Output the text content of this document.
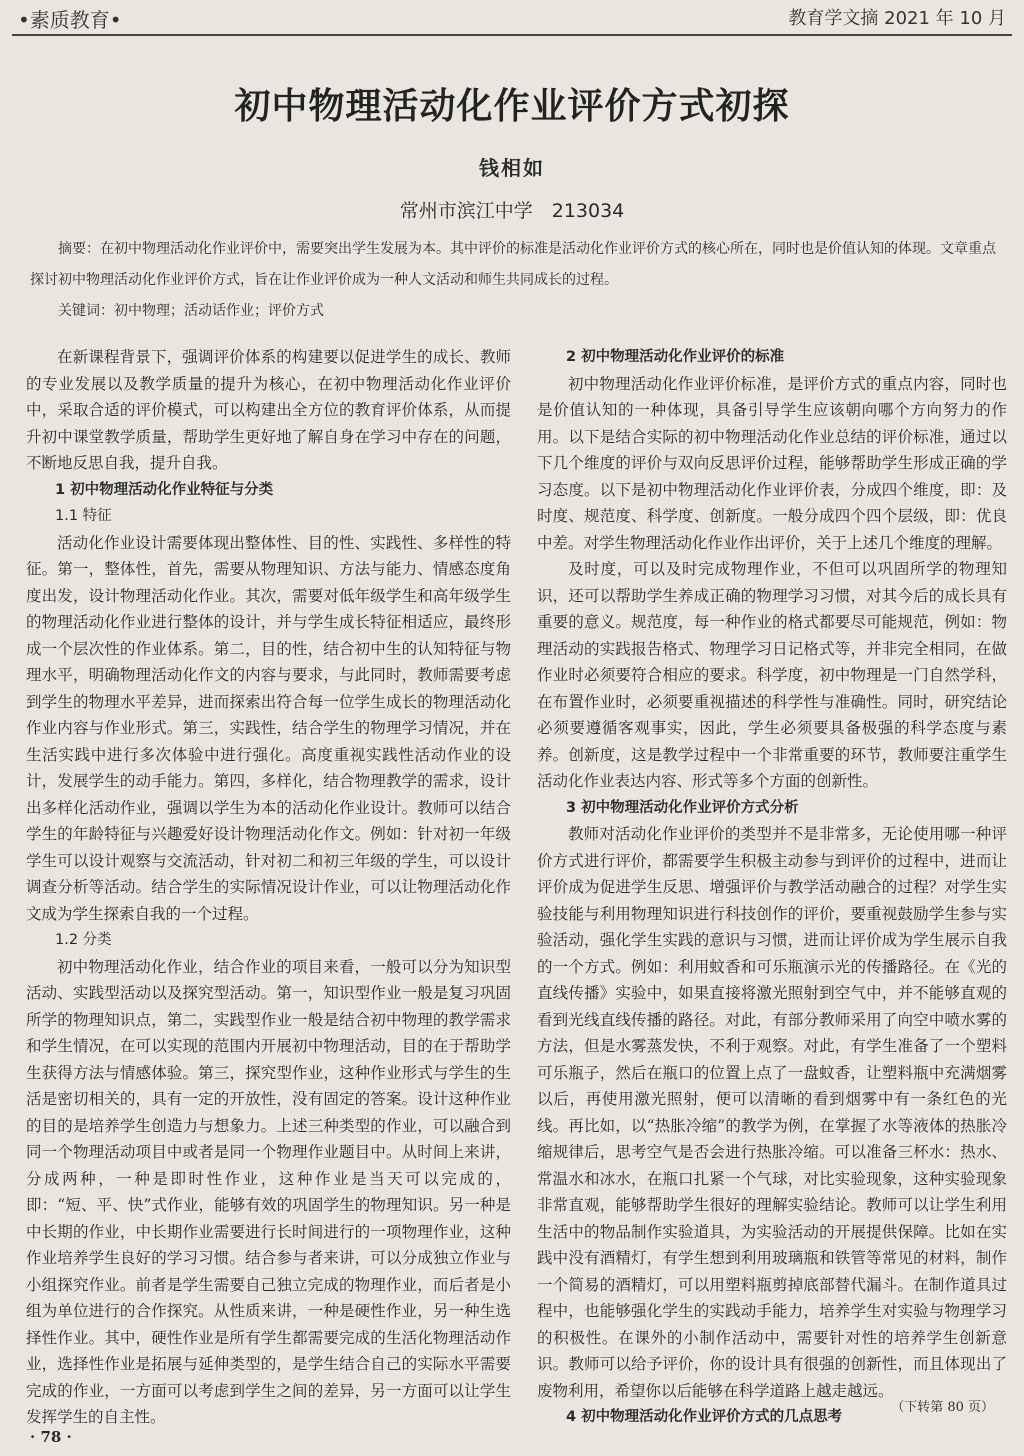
•素质教育•	教育学文摘 2021 年 10 月
初中物理活动化作业评价方式初探
钱相如
常州市滨江中学　213034

摘要：在初中物理活动化作业评价中，需要突出学生发展为本。其中评价的标准是活动化作业评价方式的核心所在，同时也是价值认知的体现。文章重点探讨初中物理活动化作业评价方式，旨在让作业评价成为一种人文活动和师生共同成长的过程。

关键词：初中物理；活动话作业；评价方式

在新课程背景下，强调评价体系的构建要以促进学生的成长、教师的专业发展以及教学质量的提升为核心，在初中物理活动化作业评价中，采取合适的评价模式，可以构建出全方位的教育评价体系，从而提升初中课堂教学质量，帮助学生更好地了解自身在学习中存在的问题，不断地反思自我，提升自我。

1 初中物理活动化作业特征与分类
1.1 特征

活动化作业设计需要体现出整体性、目的性、实践性、多样性的特征。第一，整体性，首先，需要从物理知识、方法与能力、情感态度角度出发，设计物理活动化作业。其次，需要对低年级学生和高年级学生的物理活动化作业进行整体的设计，并与学生成长特征相适应，最终形成一个层次性的作业体系。第二，目的性，结合初中生的认知特征与物理水平，明确物理活动化作文的内容与要求，与此同时，教师需要考虑到学生的物理水平差异，进而探索出符合每一位学生成长的物理活动化作业内容与作业形式。第三，实践性，结合学生的物理学习情况，并在生活实践中进行多次体验中进行强化。高度重视实践性活动作业的设计，发展学生的动手能力。第四，多样化，结合物理教学的需求，设计出多样化活动作业，强调以学生为本的活动化作业设计。教师可以结合学生的年龄特征与兴趣爱好设计物理活动化作文。例如：针对初一年级学生可以设计观察与交流活动，针对初二和初三年级的学生，可以设计调查分析等活动。结合学生的实际情况设计作业，可以让物理活动化作文成为学生探索自我的一个过程。

1.2 分类

初中物理活动化作业，结合作业的项目来看，一般可以分为知识型活动、实践型活动以及探究型活动。第一，知识型作业一般是复习巩固所学的物理知识点，第二，实践型作业一般是结合初中物理的教学需求和学生情况，在可以实现的范围内开展初中物理活动，目的在于帮助学生获得方法与情感体验。第三，探究型作业，这种作业形式与学生的生活是密切相关的，具有一定的开放性，没有固定的答案。设计这种作业的目的是培养学生创造力与想象力。上述三种类型的作业，可以融合到同一个物理活动项目中或者是同一个物理作业题目中。从时间上来讲，分成两种，一种是即时性作业，这种作业是当天可以完成的，即：“短、平、快”式作业，能够有效的巩固学生的物理知识。另一种是中长期的作业，中长期作业需要进行长时间进行的一项物理作业，这种作业培养学生良好的学习习惯。结合参与者来讲，可以分成独立作业与小组探究作业。前者是学生需要自己独立完成的物理作业，而后者是小组为单位进行的合作探究。从性质来讲，一种是硬性作业，另一种生选择性作业。其中，硬性作业是所有学生都需要完成的生活化物理活动作业，选择性作业是拓展与延伸类型的，是学生结合自己的实际水平需要完成的作业，一方面可以考虑到学生之间的差异，另一方面可以让学生发挥学生的自主性。

2 初中物理活动化作业评价的标准

初中物理活动化作业评价标准，是评价方式的重点内容，同时也是价值认知的一种体现，具备引导学生应该朝向哪个方向努力的作用。以下是结合实际的初中物理活动化作业总结的评价标准，通过以下几个维度的评价与双向反思评价过程，能够帮助学生形成正确的学习态度。以下是初中物理活动化作业评价表，分成四个维度，即：及时度、规范度、科学度、创新度。一般分成四个四个层级，即：优良中差。对学生物理活动化作业作出评价，关于上述几个维度的理解。

及时度，可以及时完成物理作业，不但可以巩固所学的物理知识，还可以帮助学生养成正确的物理学习习惯，对其今后的成长具有重要的意义。规范度，每一种作业的格式都要尽可能规范，例如：物理活动的实践报告格式、物理学习日记格式等，并非完全相同，在做作业时必须要符合相应的要求。科学度，初中物理是一门自然学科，在布置作业时，必须要重视描述的科学性与准确性。同时，研究结论必须要遵循客观事实，因此，学生必须要具备极强的科学态度与素养。创新度，这是教学过程中一个非常重要的环节，教师要注重学生活动化作业表达内容、形式等多个方面的创新性。

3 初中物理活动化作业评价方式分析

教师对活动化作业评价的类型并不是非常多，无论使用哪一种评价方式进行评价，都需要学生积极主动参与到评价的过程中，进而让评价成为促进学生反思、增强评价与教学活动融合的过程？对学生实验技能与利用物理知识进行科技创作的评价，要重视鼓励学生参与实验活动，强化学生实践的意识与习惯，进而让评价成为学生展示自我的一个方式。例如：利用蚊香和可乐瓶演示光的传播路径。在《光的直线传播》实验中，如果直接将激光照射到空气中，并不能够直观的看到光线直线传播的路径。对此，有部分教师采用了向空中喷水雾的方法，但是水雾蒸发快，不利于观察。对此，有学生准备了一个塑料可乐瓶子，然后在瓶口的位置上点了一盘蚊香，让塑料瓶中充满烟雾以后，再使用激光照射，便可以清晰的看到烟雾中有一条红色的光线。再比如，以“热胀冷缩”的教学为例，在掌握了水等液体的热胀冷缩规律后，思考空气是否会进行热胀冷缩。可以准备三杯水：热水、常温水和冰水，在瓶口扎紧一个气球，对比实验现象，这种实验现象非常直观，能够帮助学生很好的理解实验结论。教师可以让学生利用生活中的物品制作实验道具，为实验活动的开展提供保障。比如在实践中没有酒精灯，有学生想到利用玻璃瓶和铁管等常见的材料，制作一个简易的酒精灯，可以用塑料瓶剪掉底部替代漏斗。在制作道具过程中，也能够强化学生的实践动手能力，培养学生对实验与物理学习的积极性。在课外的小制作活动中，需要针对性的培养学生创新意识。教师可以给予评价，你的设计具有很强的创新性，而且体现出了废物利用，希望你以后能够在科学道路上越走越远。

4 初中物理活动化作业评价方式的几点思考
（下转第 80 页）
· 78 ·
